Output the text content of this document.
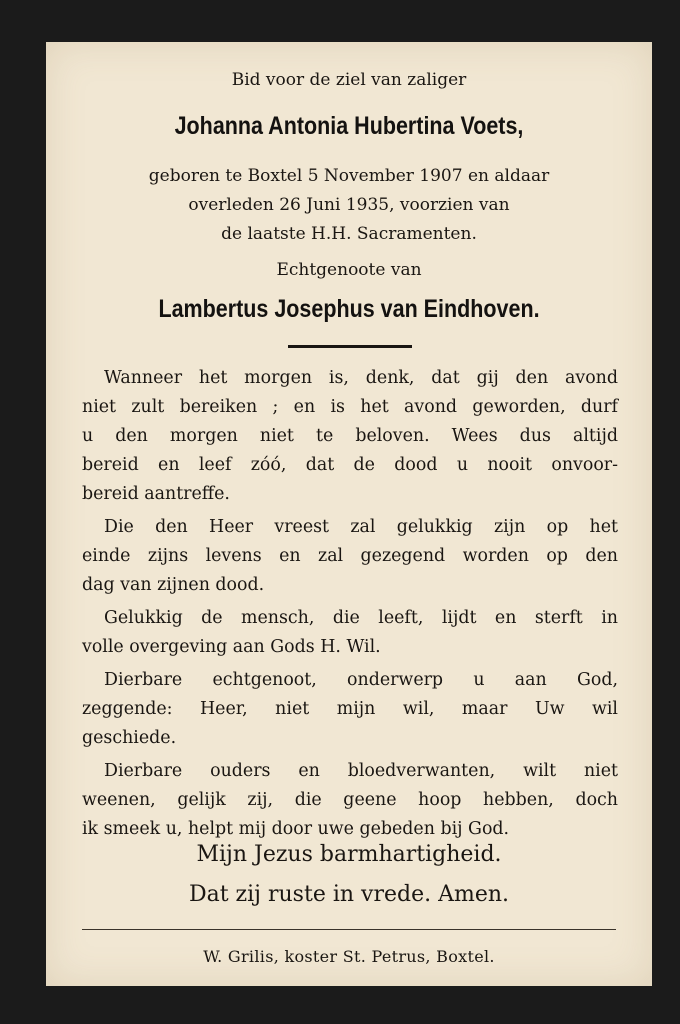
Bid voor de ziel van zaliger
Johanna Antonia Hubertina Voets,
geboren te Boxtel 5 November 1907 en aldaar
overleden 26 Juni 1935, voorzien van
de laatste H.H. Sacramenten.
Echtgenoote van
Lambertus Josephus van Eindhoven.
Wanneer het morgen is, denk, dat gij den avond
niet zult bereiken ; en is het avond geworden, durf
u den morgen niet te beloven. Wees dus altijd
bereid en leef zóó, dat de dood u nooit onvoor-
bereid aantreffe.
Die den Heer vreest zal gelukkig zijn op het
einde zijns levens en zal gezegend worden op den
dag van zijnen dood.
Gelukkig de mensch, die leeft, lijdt en sterft in
volle overgeving aan Gods H. Wil.
Dierbare echtgenoot, onderwerp u aan God,
zeggende: Heer, niet mijn wil, maar Uw wil
geschiede.
Dierbare ouders en bloedverwanten, wilt niet
weenen, gelijk zij, die geene hoop hebben, doch
ik smeek u, helpt mij door uwe gebeden bij God.
Mijn Jezus barmhartigheid.
Dat zij ruste in vrede. Amen.
W. Grilis, koster St. Petrus, Boxtel.
